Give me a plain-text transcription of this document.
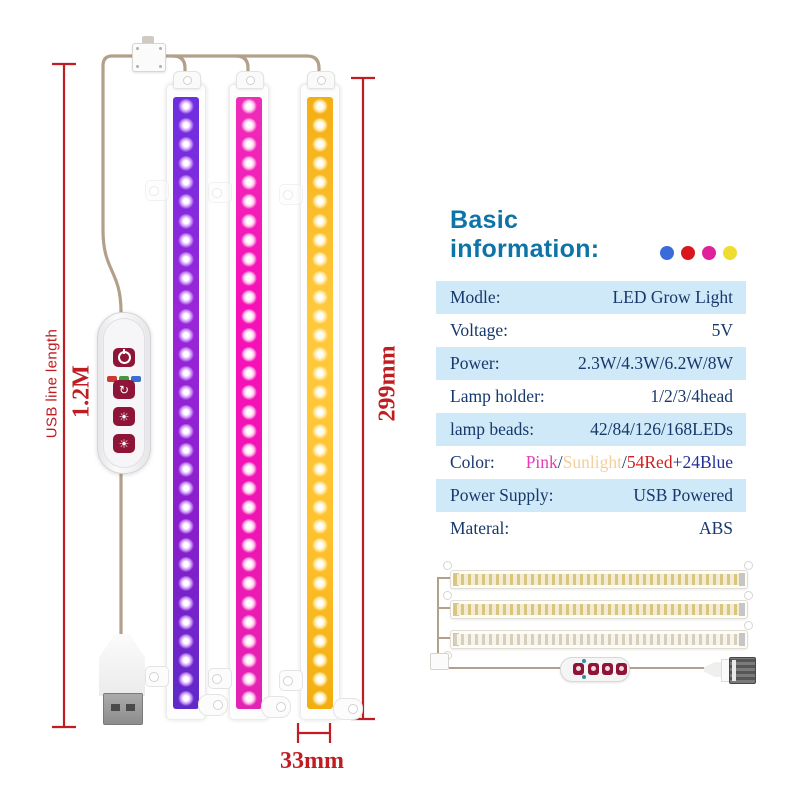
↻
☀
☀
USB line length 1.2M	299mm
33mm
Basic
information:
Modle:	LED Grow Light
Voltage:	5V
Power:	2.3W/4.3W/6.2W/8W
Lamp holder:	1/2/3/4head
lamp beads:	42/84/126/168LEDs
Color: Pink/Sunlight/54Red+24Blue
Power Supply:	USB Powered
Materal:	ABS
